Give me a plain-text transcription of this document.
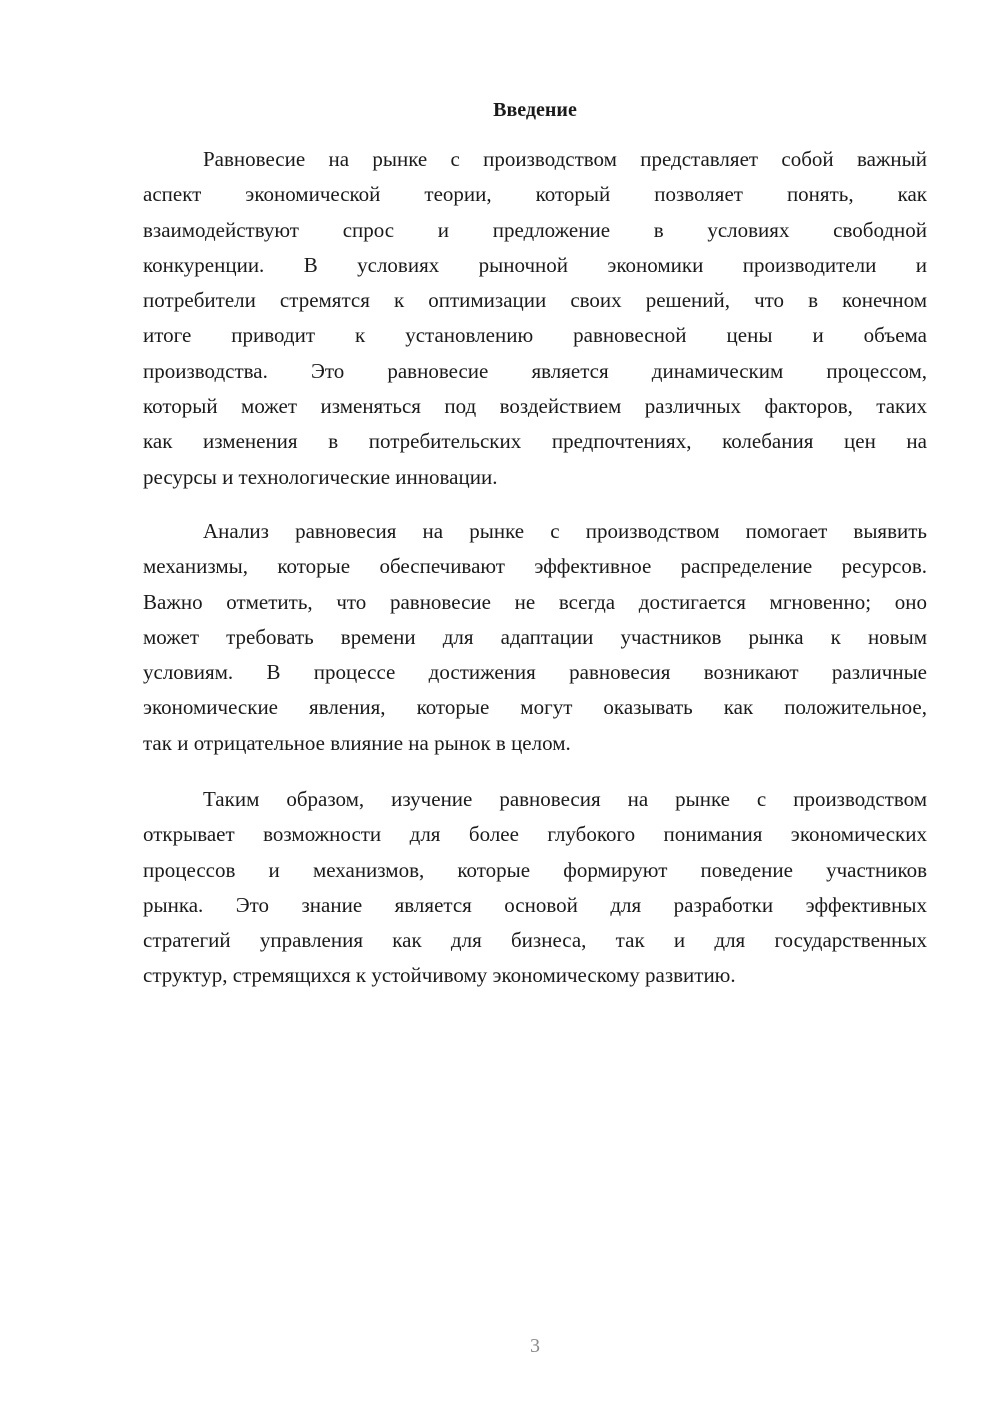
Введение
Равновесие на рынке с производством представляет собой важный
аспект экономической теории, который позволяет понять, как
взаимодействуют спрос и предложение в условиях свободной
конкуренции. В условиях рыночной экономики производители и
потребители стремятся к оптимизации своих решений, что в конечном
итоге приводит к установлению равновесной цены и объема
производства. Это равновесие является динамическим процессом,
который может изменяться под воздействием различных факторов, таких
как изменения в потребительских предпочтениях, колебания цен на
ресурсы и технологические инновации.
Анализ равновесия на рынке с производством помогает выявить
механизмы, которые обеспечивают эффективное распределение ресурсов.
Важно отметить, что равновесие не всегда достигается мгновенно; оно
может требовать времени для адаптации участников рынка к новым
условиям. В процессе достижения равновесия возникают различные
экономические явления, которые могут оказывать как положительное,
так и отрицательное влияние на рынок в целом.
Таким образом, изучение равновесия на рынке с производством
открывает возможности для более глубокого понимания экономических
процессов и механизмов, которые формируют поведение участников
рынка. Это знание является основой для разработки эффективных
стратегий управления как для бизнеса, так и для государственных
структур, стремящихся к устойчивому экономическому развитию.
3
